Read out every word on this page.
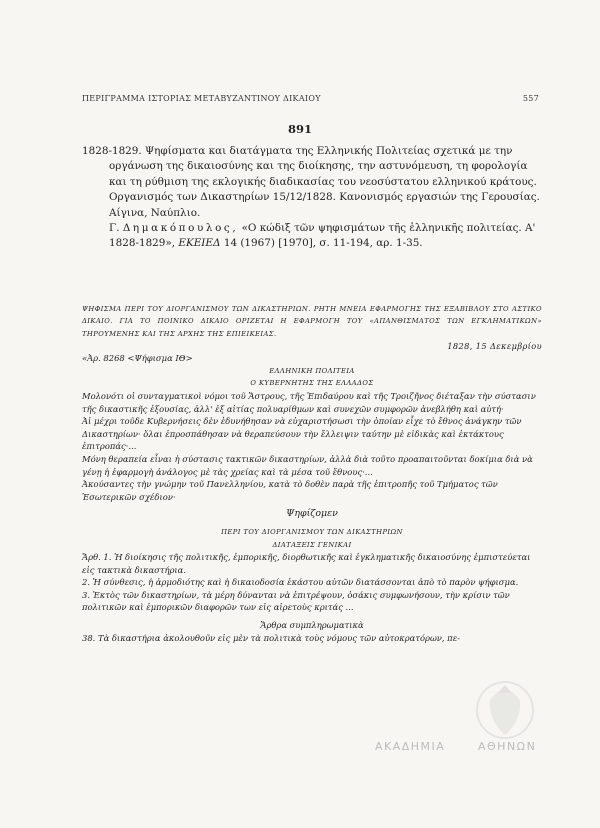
ΠΕΡΙΓΡΑΜΜΑ ΙΣΤΟΡΙΑΣ ΜΕΤΑΒΥΖΑΝΤΙΝΟΥ ΔΙΚΑΙΟΥ	557
891

1828-1829. Ψηφίσματα και διατάγματα της Ελληνικής Πολιτείας σχετικά με την οργάνωση της δικαιοσύνης και της διοίκησης, την αστυνόμευση, τη φορολογία και τη ρύθμιση της εκλογικής διαδικασίας του νεοσύστατου ελληνικού κράτους. Οργανισμός των Δικαστηρίων 15/12/1828. Κανονισμός εργασιών της Γερουσίας. Αίγινα, Ναύπλιο.

Γ. Δημακόπουλος, «Ο κώδιξ τῶν ψηφισμάτων τῆς ἑλληνικῆς πολιτείας. Α' 1828-1829», ΕΚΕΙΕΔ 14 (1967) [1970], σ. 11-194, αρ. 1-35.

ΨΗΦΙΣΜΑ ΠΕΡΙ ΤΟΥ ΔΙΟΡΓΑΝΙΣΜΟΥ ΤΩΝ ΔΙΚΑΣΤΗΡΙΩΝ. ΡΗΤΗ ΜΝΕΙΑ ΕΦΑΡΜΟΓΗΣ ΤΗΣ ΕΞΑΒΙΒΛΟΥ ΣΤΟ ΑΣΤΙΚΟ ΔΙΚΑΙΟ. ΓΙΑ ΤΟ ΠΟΙΝΙΚΟ ΔΙΚΑΙΟ ΟΡΙΖΕΤΑΙ Η ΕΦΑΡΜΟΓΗ ΤΟΥ «ΑΠΑΝΘΙΣΜΑΤΟΣ ΤΩΝ ΕΓΚΛΗΜΑΤΙΚΩΝ» ΤΗΡΟΥΜΕΝΗΣ ΚΑΙ ΤΗΣ ΑΡΧΗΣ ΤΗΣ ΕΠΙΕΙΚΕΙΑΣ.

1828, 15 Δεκεμβρίου

«Ἀρ. 8268 <Ψήφισμα ΙΘ>

ΕΛΛΗΝΙΚΗ ΠΟΛΙΤΕΙΑ

Ο ΚΥΒΕΡΝΗΤΗΣ ΤΗΣ ΕΛΛΑΔΟΣ

Μολονότι οἱ συνταγματικοὶ νόμοι τοῦ Ἄστρους, τῆς Ἐπιδαύρου καὶ τῆς Τροιζῆνος διέταξαν τὴν σύστασιν τῆς δικαστικῆς ἐξουσίας, ἀλλ' ἐξ αἰτίας πολυαρίθμων καὶ συνεχῶν συμφορῶν ἀνεβλήθη καὶ αὐτή·

Ἀἱ μέχρι τοῦδε Κυβερνήσεις δὲν ἐδυνήθησαν νὰ εὐχαριστήσωσι τὴν ὁποίαν εἶχε τὸ ἔθνος ἀνάγκην τῶν Δικαστηρίων· ὅλαι ἐπροσπάθησαν νὰ θεραπεύσουν τὴν ἔλλειψιν ταύτην μὲ εἰδικὰς καὶ ἐκτάκτους ἐπιτροπάς·...

Μόνη θεραπεία εἶναι ἡ σύστασις τακτικῶν δικαστηρίων, ἀλλὰ διὰ τοῦτο προαπαιτοῦνται δοκίμια διὰ νὰ γένῃ ἡ ἐφαρμογὴ ἀνάλογος μὲ τὰς χρείας καὶ τὰ μέσα τοῦ ἔθνους·...

Ἀκούσαντες τὴν γνώμην τοῦ Πανελληνίου, κατὰ τὸ δοθὲν παρὰ τῆς ἐπιτροπῆς τοῦ Τμήματος τῶν Ἐσωτερικῶν σχέδιον·

Ψηφίζομεν

ΠΕΡΙ ΤΟΥ ΔΙΟΡΓΑΝΙΣΜΟΥ ΤΩΝ ΔΙΚΑΣΤΗΡΙΩΝ

ΔΙΑΤΑΞΕΙΣ ΓΕΝΙΚΑΙ

Ἄρθ. 1. Ἡ διοίκησις τῆς πολιτικῆς, ἐμπορικῆς, διορθωτικῆς καὶ ἐγκληματικῆς δικαιοσύνης ἐμπιστεύεται εἰς τακτικὰ δικαστήρια.

2. Ἡ σύνθεσις, ἡ ἁρμοδιότης καὶ ἡ δικαιοδοσία ἑκάστου αὐτῶν διατάσσονται ἀπὸ τὸ παρὸν ψήφισμα.

3. Ἐκτὸς τῶν δικαστηρίων, τὰ μέρη δύνανται νὰ ἐπιτρέψουν, ὁσάκις συμφωνήσουν, τὴν κρίσιν τῶν πολιτικῶν καὶ ἐμπορικῶν διαφορῶν των εἰς αἱρετοὺς κριτάς ...

Ἄρθρα συμπληρωματικὰ

38. Τὰ δικαστήρια ἀκολουθοῦν εἰς μὲν τὰ πολιτικὰ τοὺς νόμους τῶν αὐτοκρατόρων, πε-

ΑΚΑΔΗΜΙΑ	ΑΘΗΝΩΝ
